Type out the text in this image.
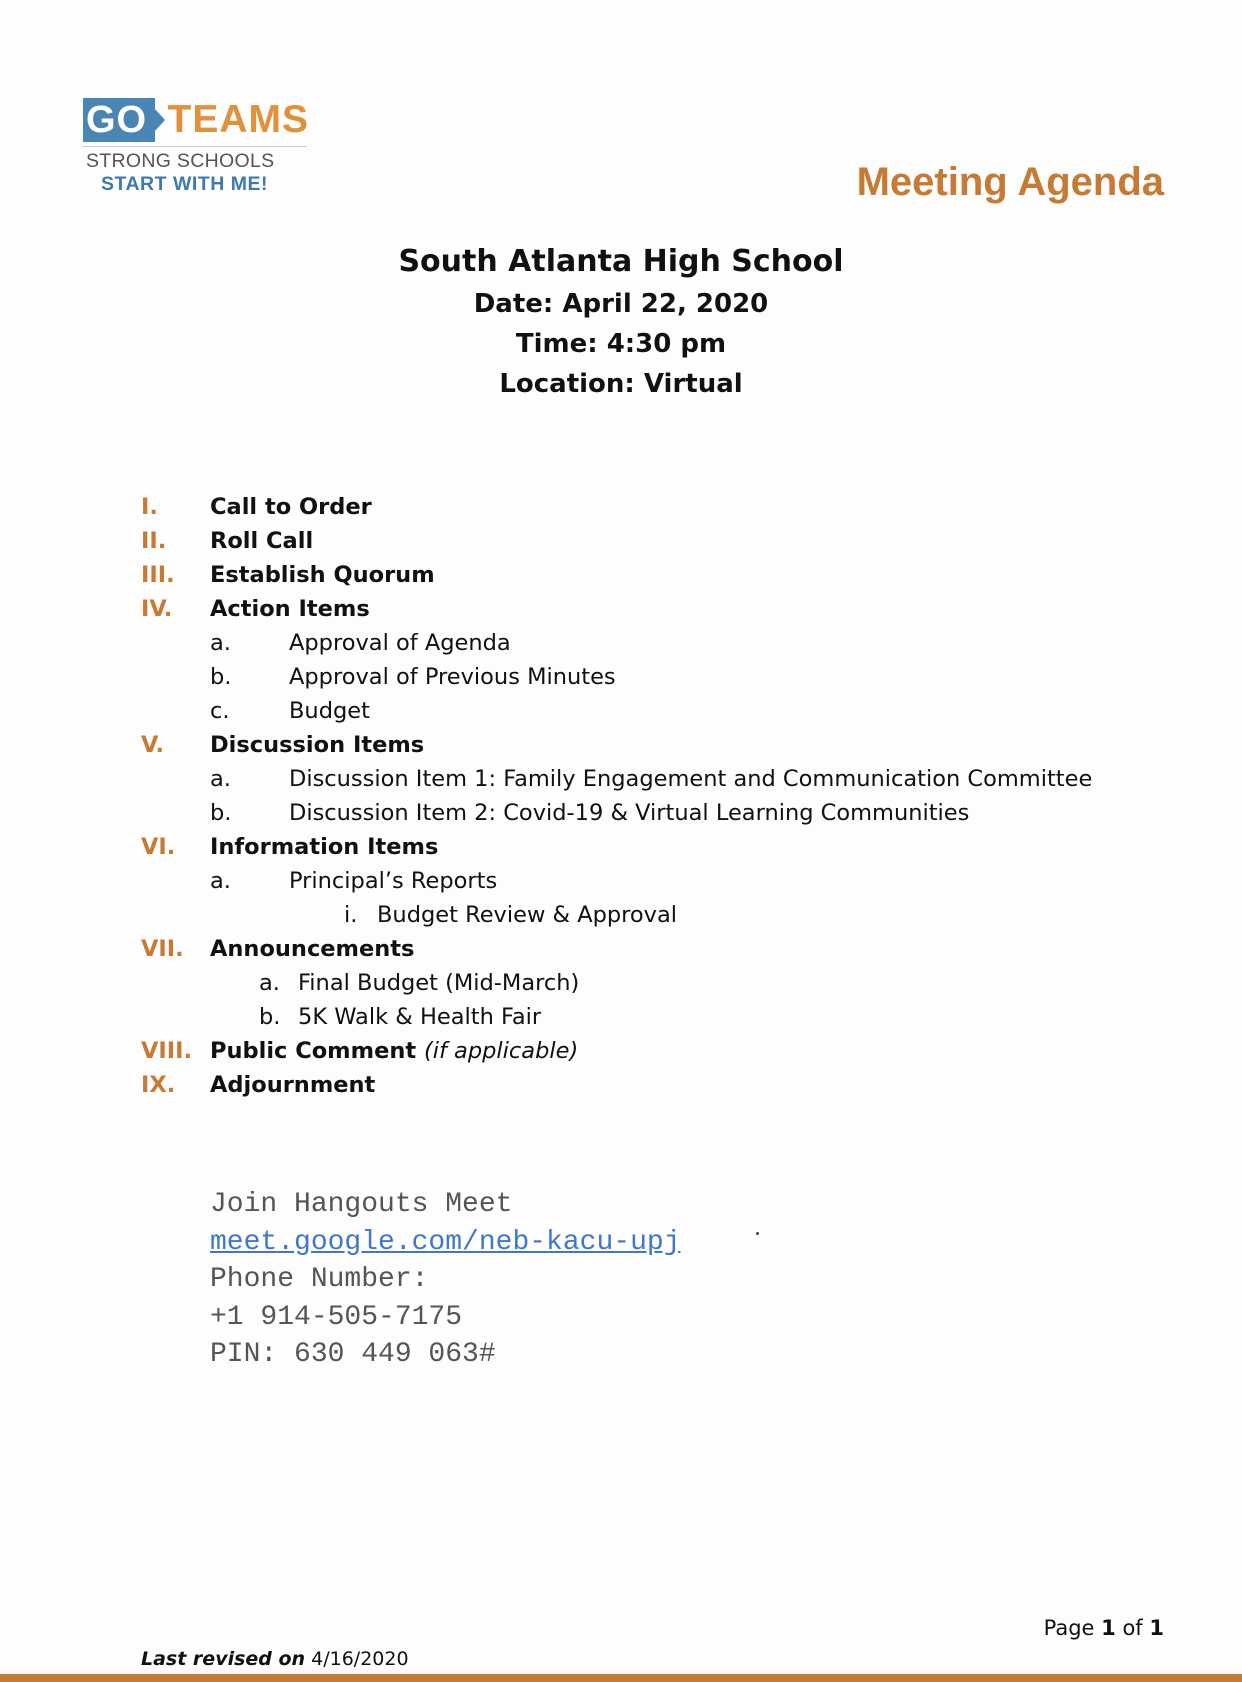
GO TEAMS
STRONG SCHOOLS
START WITH ME!	Meeting Agenda
South Atlanta High School
Date: April 22, 2020
Time: 4:30 pm
Location: Virtual
I. Call to Order
II. Roll Call
III. Establish Quorum
IV. Action Items
a.	Approval of Agenda
b.	Approval of Previous Minutes
c.	Budget
V. Discussion Items
a.	Discussion Item 1: Family Engagement and Communication Committee
b.	Discussion Item 2: Covid-19 & Virtual Learning Communities
VI. Information Items
a.	Principal’s Reports
i. Budget Review & Approval
VII. Announcements
a. Final Budget (Mid-March)
b. 5K Walk & Health Fair
VIII. Public Comment (if applicable)
IX. Adjournment
Join Hangouts Meet
meet.google.com/neb-kacu-upj
Phone Number:
+1 914-505-7175
PIN: 630 449 063#
Page 1 of 1
Last revised on 4/16/2020
